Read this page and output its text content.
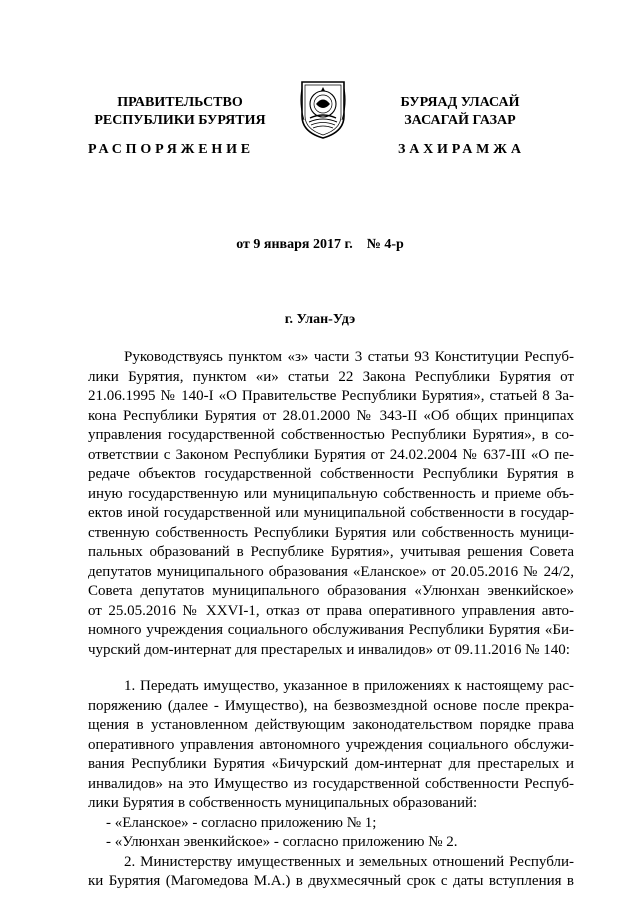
ПРАВИТЕЛЬСТВО
РЕСПУБЛИКИ БУРЯТИЯ
БУРЯАД УЛАСАЙ
ЗАСАГАЙ ГАЗАР
РАСПОРЯЖЕНИЕ	ЗАХИРАМЖА
от 9 января 2017 г.    № 4-р
г. Улан-Удэ
Руководствуясь пунктом «з» части 3 статьи 93 Конституции Респуб-
лики Бурятия, пунктом «и» статьи 22 Закона Республики Бурятия от
21.06.1995 № 140-I «О Правительстве Республики Бурятия», статьей 8 За-
кона Республики Бурятия от 28.01.2000 № 343-II «Об общих принципах
управления государственной собственностью Республики Бурятия», в со-
ответствии с Законом Республики Бурятия от 24.02.2004 № 637-III «О пе-
редаче объектов государственной собственности Республики Бурятия в
иную государственную или муниципальную собственность и приеме объ-
ектов иной государственной или муниципальной собственности в государ-
ственную собственность Республики Бурятия или собственность муници-
пальных образований в Республике Бурятия», учитывая решения Совета
депутатов муниципального образования «Еланское» от 20.05.2016 № 24/2,
Совета депутатов муниципального образования «Улюнхан эвенкийское»
от 25.05.2016 № XXVI-1, отказ от права оперативного управления авто-
номного учреждения социального обслуживания Республики Бурятия «Би-
чурский дом-интернат для престарелых и инвалидов» от 09.11.2016 № 140:
1. Передать имущество, указанное в приложениях к настоящему рас-
поряжению (далее - Имущество), на безвозмездной основе после прекра-
щения в установленном действующим законодательством порядке права
оперативного управления автономного учреждения социального обслужи-
вания Республики Бурятия «Бичурский дом-интернат для престарелых и
инвалидов» на это Имущество из государственной собственности Респуб-
лики Бурятия в собственность муниципальных образований:
- «Еланское» - согласно приложению № 1;
- «Улюнхан эвенкийское» - согласно приложению № 2.
2. Министерству имущественных и земельных отношений Республи-
ки Бурятия (Магомедова М.А.) в двухмесячный срок с даты вступления в
